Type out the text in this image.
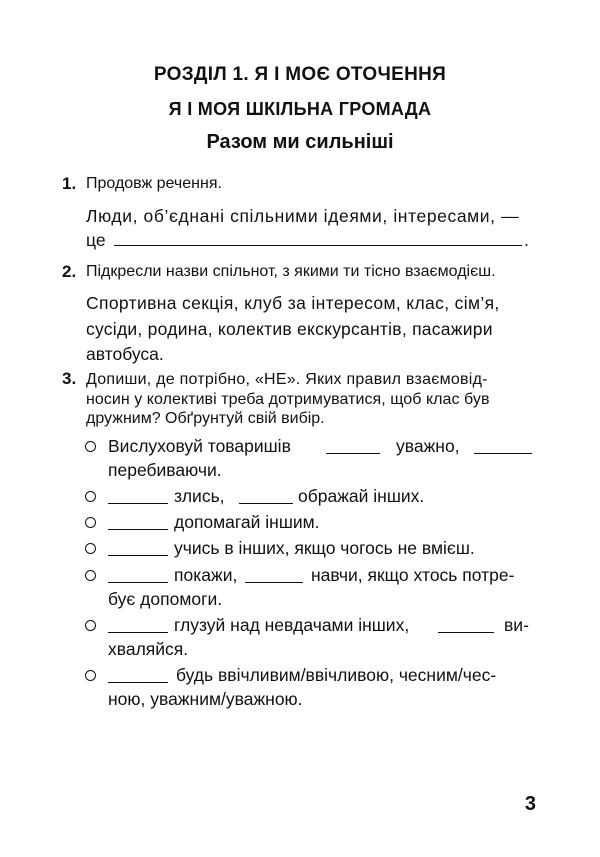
РОЗДІЛ 1. Я І МОЄ ОТОЧЕННЯ
Я І МОЯ ШКІЛЬНА ГРОМАДА
Разом ми сильніші
1. Продовж речення.
Люди, об’єднані спільними ідеями, інтересами, —
це	.
2. Підкресли назви спільнот, з якими ти тісно взаємодієш.
Спортивна секція, клуб за інтересом, клас, сім’я,
сусіди, родина, колектив екскурсантів, пасажири
автобуса.
3. Допиши, де потрібно, «НЕ». Яких правил взаємовід-
носин у колективі треба дотримуватися, щоб клас був
дружним? Обґрунтуй свій вибір.
Вислуховуй товаришів	уважно,
перебиваючи.
злись,	ображай інших.
допомагай іншим.
учись в інших, якщо чогось не вмієш.
покажи,	навчи, якщо хтось потре-
бує допомоги.
глузуй над невдачами інших,	ви-
хваляйся.
будь ввічливим/ввічливою, чесним/чес-
ною, уважним/уважною.
3
